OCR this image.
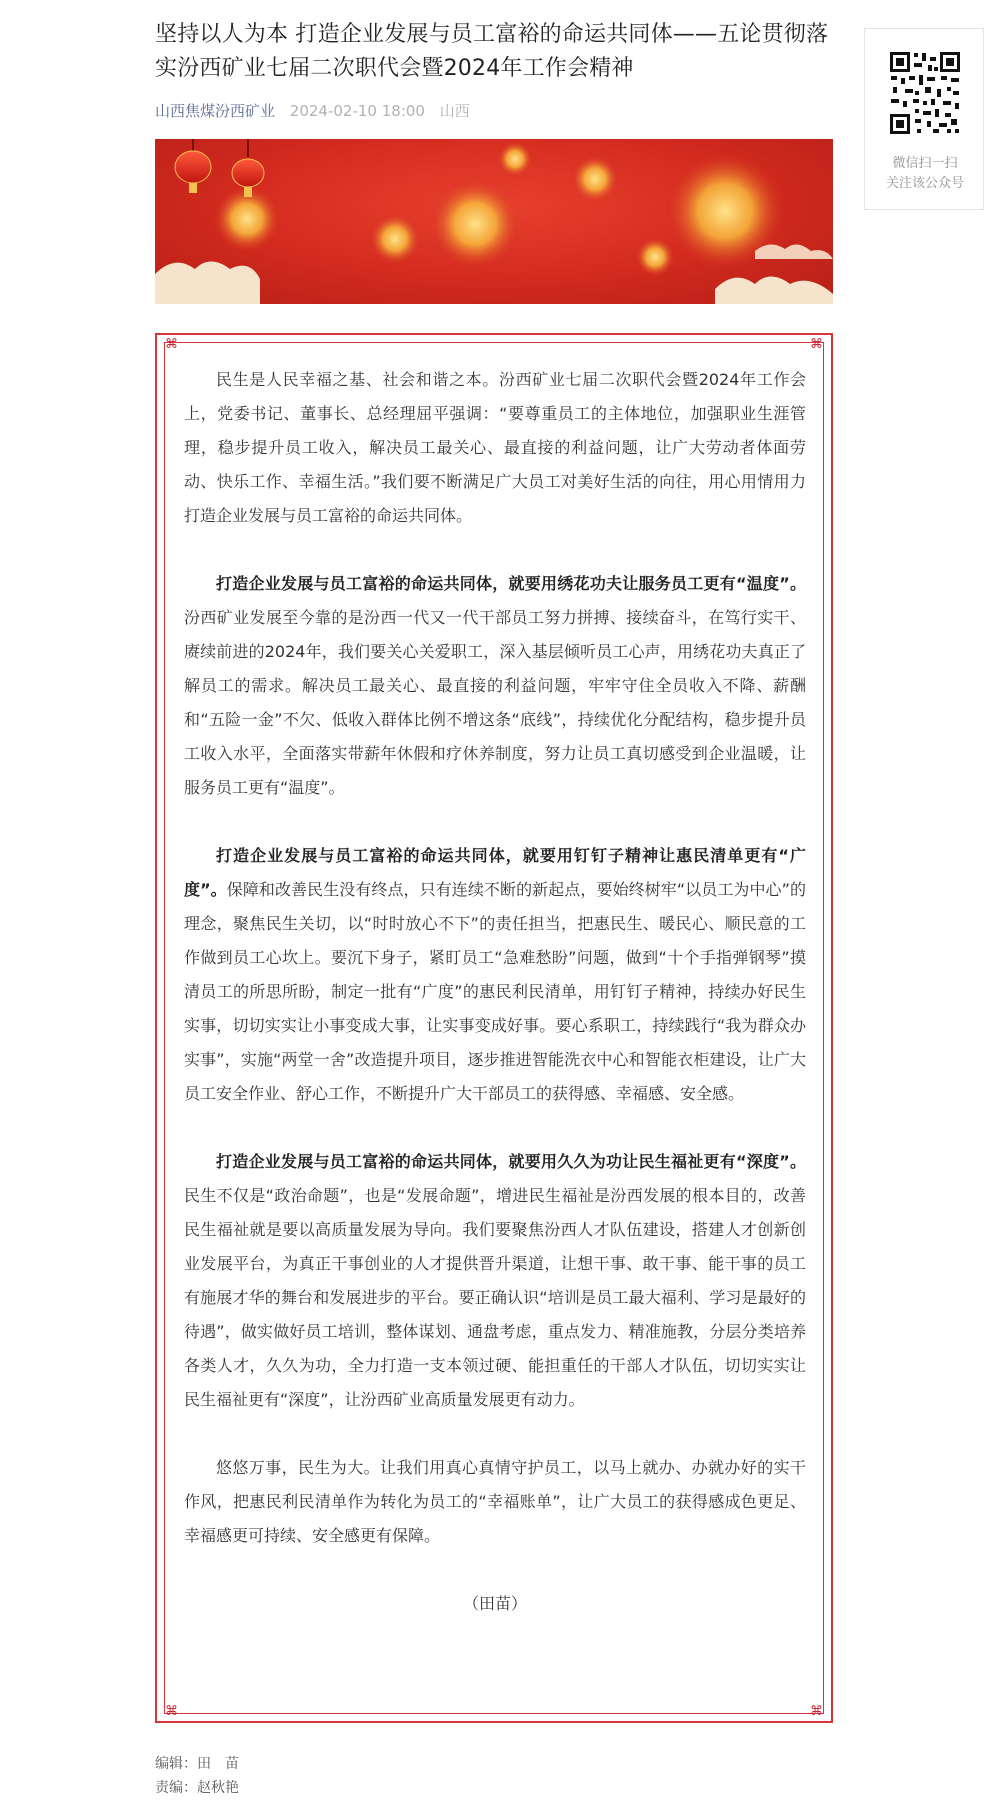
坚持以人为本 打造企业发展与员工富裕的命运共同体——五论贯彻落实汾西矿业七届二次职代会暨2024年工作会精神
山西焦煤汾西矿业 2024-02-10 18:00 山西
⌘	⌘
⌘	⌘

民生是人民幸福之基、社会和谐之本。汾西矿业七届二次职代会暨2024年工作会上，党委书记、董事长、总经理屈平强调：“要尊重员工的主体地位，加强职业生涯管理，稳步提升员工收入，解决员工最关心、最直接的利益问题，让广大劳动者体面劳动、快乐工作、幸福生活。”我们要不断满足广大员工对美好生活的向往，用心用情用力打造企业发展与员工富裕的命运共同体。

打造企业发展与员工富裕的命运共同体，就要用绣花功夫让服务员工更有“温度”。汾西矿业发展至今靠的是汾西一代又一代干部员工努力拼搏、接续奋斗，在笃行实干、赓续前进的2024年，我们要关心关爱职工，深入基层倾听员工心声，用绣花功夫真正了解员工的需求。解决员工最关心、最直接的利益问题，牢牢守住全员收入不降、薪酬和“五险一金”不欠、低收入群体比例不增这条“底线”，持续优化分配结构，稳步提升员工收入水平，全面落实带薪年休假和疗休养制度，努力让员工真切感受到企业温暖，让服务员工更有“温度”。

打造企业发展与员工富裕的命运共同体，就要用钉钉子精神让惠民清单更有“广度”。保障和改善民生没有终点，只有连续不断的新起点，要始终树牢“以员工为中心”的理念，聚焦民生关切，以“时时放心不下”的责任担当，把惠民生、暖民心、顺民意的工作做到员工心坎上。要沉下身子，紧盯员工“急难愁盼”问题，做到“十个手指弹钢琴”摸清员工的所思所盼，制定一批有“广度”的惠民利民清单，用钉钉子精神，持续办好民生实事，切切实实让小事变成大事，让实事变成好事。要心系职工，持续践行“我为群众办实事”，实施“两堂一舍”改造提升项目，逐步推进智能洗衣中心和智能衣柜建设，让广大员工安全作业、舒心工作，不断提升广大干部员工的获得感、幸福感、安全感。

打造企业发展与员工富裕的命运共同体，就要用久久为功让民生福祉更有“深度”。民生不仅是“政治命题”，也是“发展命题”，增进民生福祉是汾西发展的根本目的，改善民生福祉就是要以高质量发展为导向。我们要聚焦汾西人才队伍建设，搭建人才创新创业发展平台，为真正干事创业的人才提供晋升渠道，让想干事、敢干事、能干事的员工有施展才华的舞台和发展进步的平台。要正确认识“培训是员工最大福利、学习是最好的待遇”，做实做好员工培训，整体谋划、通盘考虑，重点发力、精准施教，分层分类培养各类人才，久久为功，全力打造一支本领过硬、能担重任的干部人才队伍，切切实实让民生福祉更有“深度”，让汾西矿业高质量发展更有动力。

悠悠万事，民生为大。让我们用真心真情守护员工，以马上就办、办就办好的实干作风，把惠民利民清单作为转化为员工的“幸福账单”，让广大员工的获得感成色更足、幸福感更可持续、安全感更有保障。

（田苗）

编辑：田　苗
责编：赵秋艳
微信扫一扫
关注该公众号
